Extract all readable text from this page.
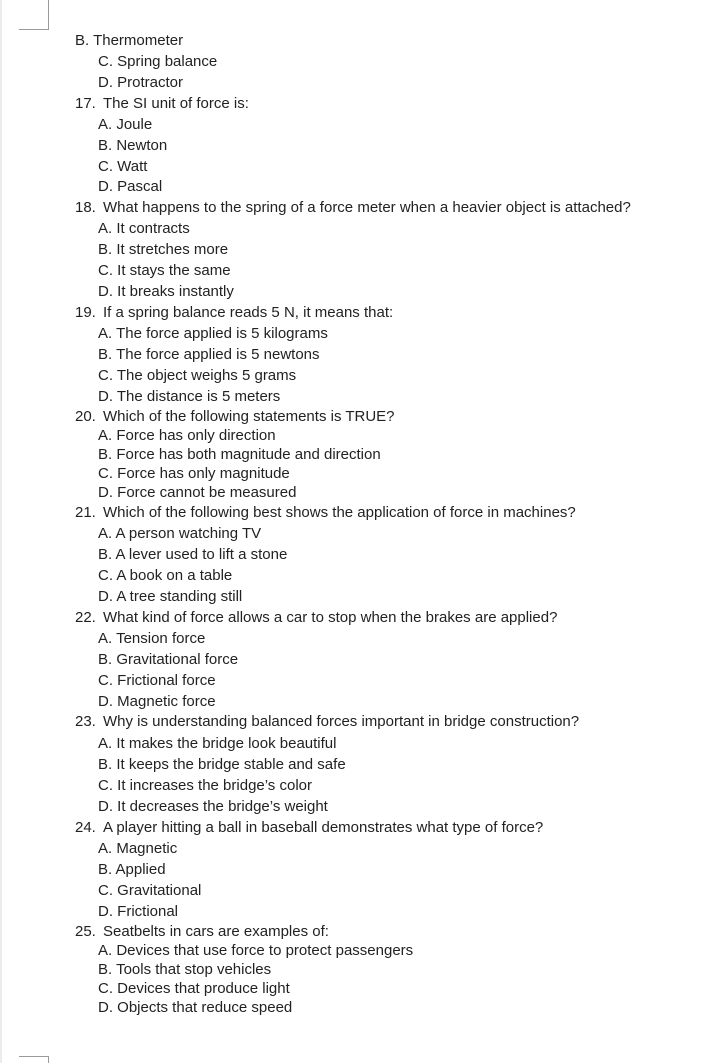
B. Thermometer
C. Spring balance
D. Protractor
17. The SI unit of force is:
A. Joule
B. Newton
C. Watt
D. Pascal
18. What happens to the spring of a force meter when a heavier object is attached?
A. It contracts
B. It stretches more
C. It stays the same
D. It breaks instantly
19. If a spring balance reads 5 N, it means that:
A. The force applied is 5 kilograms
B. The force applied is 5 newtons
C. The object weighs 5 grams
D. The distance is 5 meters
20. Which of the following statements is TRUE?
A. Force has only direction
B. Force has both magnitude and direction
C. Force has only magnitude
D. Force cannot be measured
21. Which of the following best shows the application of force in machines?
A. A person watching TV
B. A lever used to lift a stone
C. A book on a table
D. A tree standing still
22. What kind of force allows a car to stop when the brakes are applied?
A. Tension force
B. Gravitational force
C. Frictional force
D. Magnetic force
23. Why is understanding balanced forces important in bridge construction?
A. It makes the bridge look beautiful
B. It keeps the bridge stable and safe
C. It increases the bridge’s color
D. It decreases the bridge’s weight
24. A player hitting a ball in baseball demonstrates what type of force?
A. Magnetic
B. Applied
C. Gravitational
D. Frictional
25. Seatbelts in cars are examples of:
A. Devices that use force to protect passengers
B. Tools that stop vehicles
C. Devices that produce light
D. Objects that reduce speed
